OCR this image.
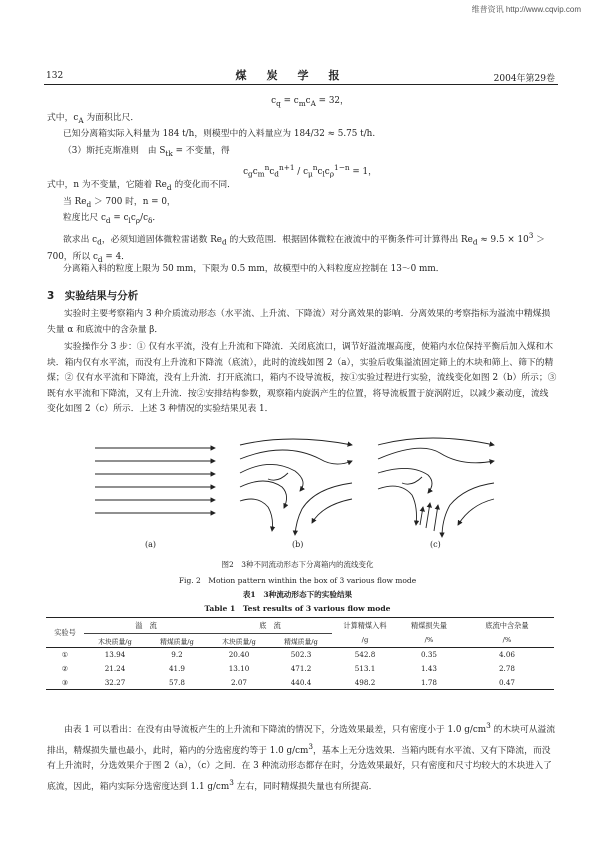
维普资讯 http://www.cqvip.com
132	煤炭学报	2004年第29卷
$c_q = c_mc_A = 32$，
式中，$c_A$ 为面积比尺．
已知分离箱实际入料量为 184 t/h，则模型中的入料量应为 184/32 ≈ 5.75 t/h.
（3）斯托克斯准则　由 $S_{tk}$ = 不变量，得
$c_gc_m^nc_d^{n+1} / c_\mu^nc_lc_\rho^{1-n} = 1$，
式中，n 为不变量，它随着 $Re_d$ 的变化而不同．
当 $Re_d > 700$ 时，n = 0，
粒度比尺 $c_d = c_lc_\rho/c_\delta$．
欲求出 $c_d$，必须知道固体微粒雷诺数 $Re_d$ 的大致范围．根据固体微粒在液流中的平衡条件可计算得出 $Re_d \approx 9.5 \times 10^3 > 700$，所以 $c_d = 4$．
分离箱入料的粒度上限为 50 mm，下限为 0.5 mm，故模型中的入料粒度应控制在 13～0 mm．
3　实验结果与分析
实验时主要考察箱内 3 种介质流动形态（水平流、上升流、下降流）对分离效果的影响．分离效果的考察指标为溢流中精煤损失量 α 和底流中的含杂量 β．
实验操作分 3 步：① 仅有水平流，没有上升流和下降流．关闭底流口，调节好溢流堰高度，使箱内水位保持平衡后加入煤和木块．箱内仅有水平流，而没有上升流和下降流（底流），此时的流线如图 2（a），实验后收集溢流固定筛上的木块和筛上、筛下的精煤；② 仅有水平流和下降流，没有上升流．打开底流口，箱内不设导流板，按①实验过程进行实验，流线变化如图 2（b）所示；③ 既有水平流和下降流，又有上升流．按②安排结构参数，观察箱内旋涡产生的位置，将导流板置于旋涡附近，以减少紊动度，流线变化如图 2（c）所示．上述 3 种情况的实验结果见表 1．
(a)	(b)	(c)
图2　3种不同流动形态下分离箱内的流线变化
Fig. 2　Motion pattern winthin the box of 3 various flow mode
表1　3种流动形态下的实验结果
Table 1　Test results of 3 various flow mode
实验号	溢　流		底　流		计算精煤入料	精煤损失量	底流中含杂量
	木块质量/g	精煤质量/g	木块质量/g	精煤质量/g	/g	/%	/%
①	13.94	9.2	20.40	502.3	542.8	0.35	4.06
②	21.24	41.9	13.10	471.2	513.1	1.43	2.78
③	32.27	57.8	2.07	440.4	498.2	1.78	0.47
由表 1 可以看出：在没有由导流板产生的上升流和下降流的情况下，分选效果最差，只有密度小于 1.0 $g/cm^3$ 的木块可从溢流排出，精煤损失量也最小，此时，箱内的分选密度约等于 1.0 $g/cm^3$，基本上无分选效果．当箱内既有水平流、又有下降流，而没有上升流时，分选效果介于图 2（a），（c）之间．在 3 种流动形态都存在时，分选效果最好，只有密度和尺寸均较大的木块进入了底流，因此，箱内实际分选密度达到 1.1 $g/cm^3$ 左右，同时精煤损失量也有所提高．
